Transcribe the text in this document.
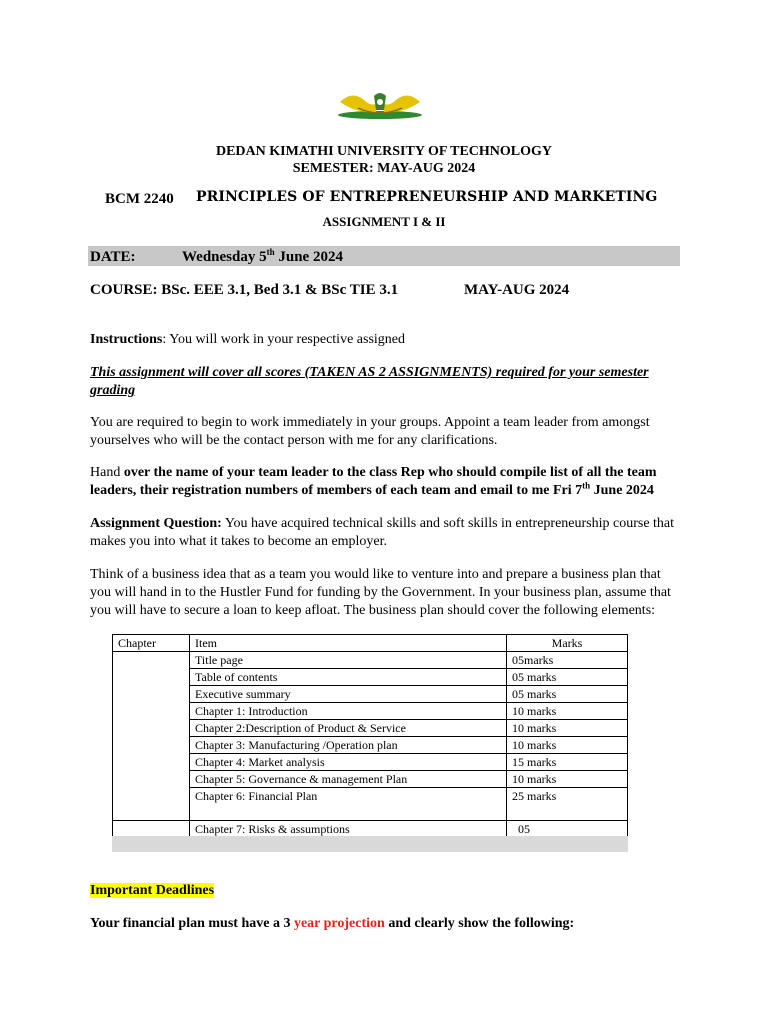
DEDAN KIMATHI UNIVERSITY OF TECHNOLOGY
SEMESTER: MAY-AUG 2024
BCM 2240 PRINCIPLES OF ENTREPRENEURSHIP AND MARKETING
ASSIGNMENT I & II
DATE:	Wednesday 5th June 2024
COURSE: BSc. EEE 3.1, Bed 3.1 & BSc TIE 3.1	MAY-AUG 2024
Instructions: You will work in your respective assigned
This assignment will cover all scores (TAKEN AS 2 ASSIGNMENTS) required for your semester grading
You are required to begin to work immediately in your groups. Appoint a team leader from amongst yourselves who will be the contact person with me for any clarifications.
Hand over the name of your team leader to the class Rep who should compile list of all the team leaders, their registration numbers of members of each team and email to me Fri 7th June 2024
Assignment Question: You have acquired technical skills and soft skills in entrepreneurship course that makes you into what it takes to become an employer.
Think of a business idea that as a team you would like to venture into and prepare a business plan that you will hand in to the Hustler Fund for funding by the Government. In your business plan, assume that you will have to secure a loan to keep afloat. The business plan should cover the following elements:
Chapter	Item	Marks
	Title page	05marks
	Table of contents	05 marks
	Executive summary	05 marks
	Chapter 1: Introduction	10 marks
	Chapter 2:Description of Product & Service	10 marks
	Chapter 3: Manufacturing /Operation plan	10 marks
	Chapter 4: Market analysis	15 marks
	Chapter 5: Governance & management Plan	10 marks
	Chapter 6: Financial Plan	25 marks
	Chapter 7: Risks & assumptions	05
Important Deadlines
Your financial plan must have a 3 year projection and clearly show the following:
